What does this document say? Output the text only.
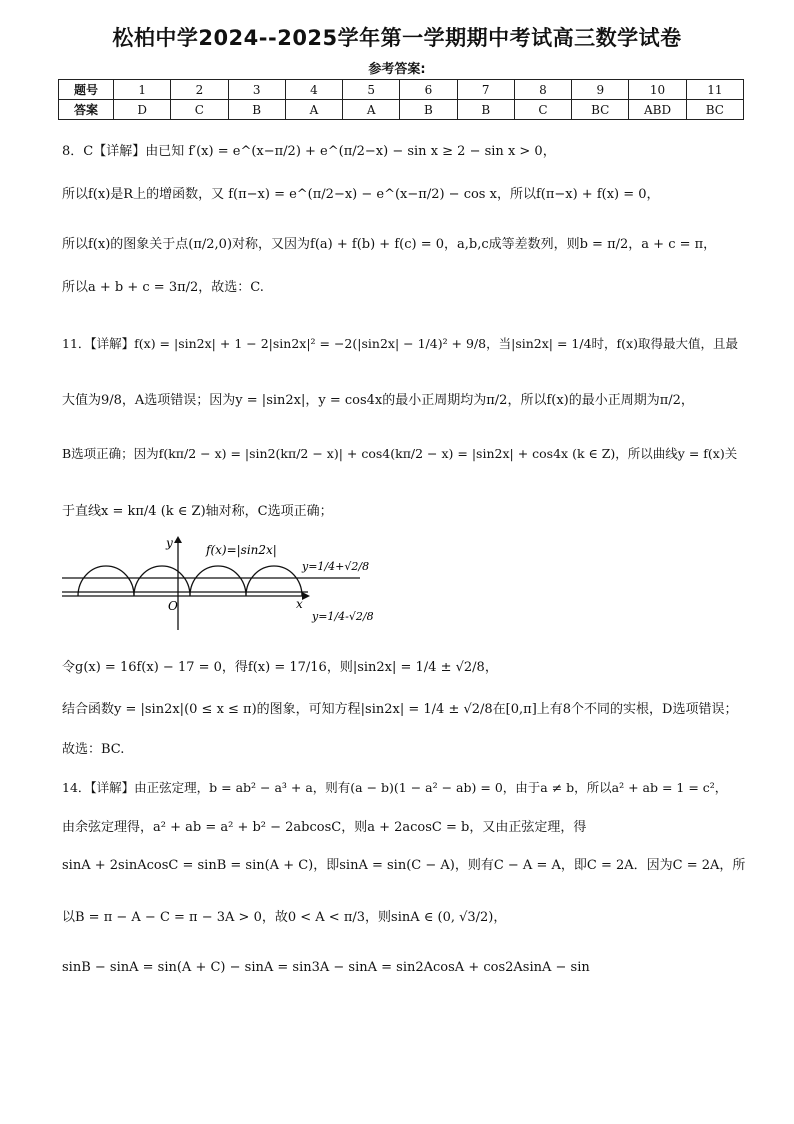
松柏中学2024--2025学年第一学期期中考试高三数学试卷
参考答案:
题号	1	2	3	4	5	6	7	8	9	10	11
答案	D	C	B	A	A	B	B	C	BC	ABD	BC
8．C【详解】由已知 f′(x) = e^(x−π/2) + e^(π/2−x) − sin x ≥ 2 − sin x > 0，
所以f(x)是R上的增函数，又 f(π−x) = e^(π/2−x) − e^(x−π/2) − cos x，所以f(π−x) + f(x) = 0，
所以f(x)的图象关于点(π/2,0)对称，又因为f(a) + f(b) + f(c) = 0，a,b,c成等差数列，则b = π/2，a + c = π，
所以a + b + c = 3π/2，故选：C.
11．【详解】f(x) = |sin2x| + 1 − 2|sin2x|² = −2(|sin2x| − 1/4)² + 9/8，当|sin2x| = 1/4时，f(x)取得最大值，且最
大值为9/8，A选项错误；因为y = |sin2x|，y = cos4x的最小正周期均为π/2，所以f(x)的最小正周期为π/2，
B选项正确；因为f(kπ/2 − x) = |sin2(kπ/2 − x)| + cos4(kπ/2 − x) = |sin2x| + cos4x (k ∈ Z)，所以曲线y = f(x)关
于直线x = kπ/4 (k ∈ Z)轴对称，C选项正确；
O
y
x
f(x)=|sin2x|
y=1/4+√2/8
y=1/4-√2/8
令g(x) = 16f(x) − 17 = 0，得f(x) = 17/16，则|sin2x| = 1/4 ± √2/8，
结合函数y = |sin2x|(0 ≤ x ≤ π)的图象，可知方程|sin2x| = 1/4 ± √2/8在[0,π]上有8个不同的实根，D选项错误；
故选：BC.
14．【详解】由正弦定理，b = ab² − a³ + a，则有(a − b)(1 − a² − ab) = 0，由于a ≠ b，所以a² + ab = 1 = c²，
由余弦定理得，a² + ab = a² + b² − 2abcosC，则a + 2acosC = b，又由正弦定理，得
sinA + 2sinAcosC = sinB = sin(A + C)，即sinA = sin(C − A)，则有C − A = A，即C = 2A．因为C = 2A，所
以B = π − A − C = π − 3A > 0，故0 < A < π/3，则sinA ∈ (0, √3/2)，
sinB − sinA = sin(A + C) − sinA = sin3A − sinA = sin2AcosA + cos2AsinA − sin
